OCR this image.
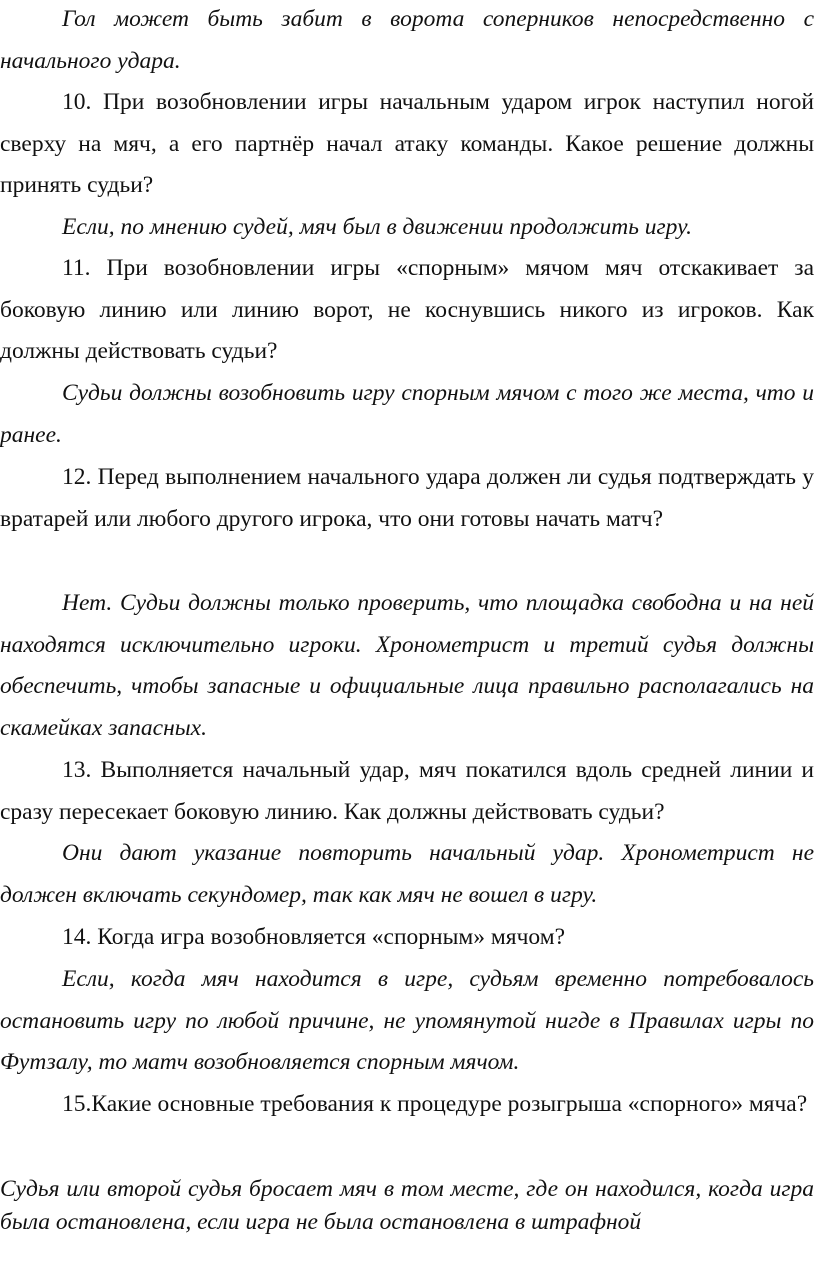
Гол может быть забит в ворота соперников непосредственно с начального удара.

10. При возобновлении игры начальным ударом игрок наступил ногой сверху на мяч, а его партнёр начал атаку команды. Какое решение должны принять судьи?

Если, по мнению судей, мяч был в движении продолжить игру.

11. При возобновлении игры «спорным» мячом мяч отскакивает за боковую линию или линию ворот, не коснувшись никого из игроков. Как должны действовать судьи?

Судьи должны возобновить игру спорным мячом с того же места, что и ранее.

12. Перед выполнением начального удара должен ли судья подтверждать у вратарей или любого другого игрока, что они готовы начать матч?

Нет. Судьи должны только проверить, что площадка свободна и на ней находятся исключительно игроки. Хронометрист и третий судья должны обеспечить, чтобы запасные и официальные лица правильно располагались на скамейках запасных.

13. Выполняется начальный удар, мяч покатился вдоль средней линии и сразу пересекает боковую линию. Как должны действовать судьи?

Они дают указание повторить начальный удар. Хронометрист не должен включать секундомер, так как мяч не вошел в игру.

14. Когда игра возобновляется «спорным» мячом?

Если, когда мяч находится в игре, судьям временно потребовалось остановить игру по любой причине, не упомянутой нигде в Правилах игры по Футзалу, то матч возобновляется спорным мячом.

15.Какие основные требования к процедуре розыгрыша «спорного» мяча?

Судья или второй судья бросает мяч в том месте, где он находился, когда игра была остановлена, если игра не была остановлена в штрафной
